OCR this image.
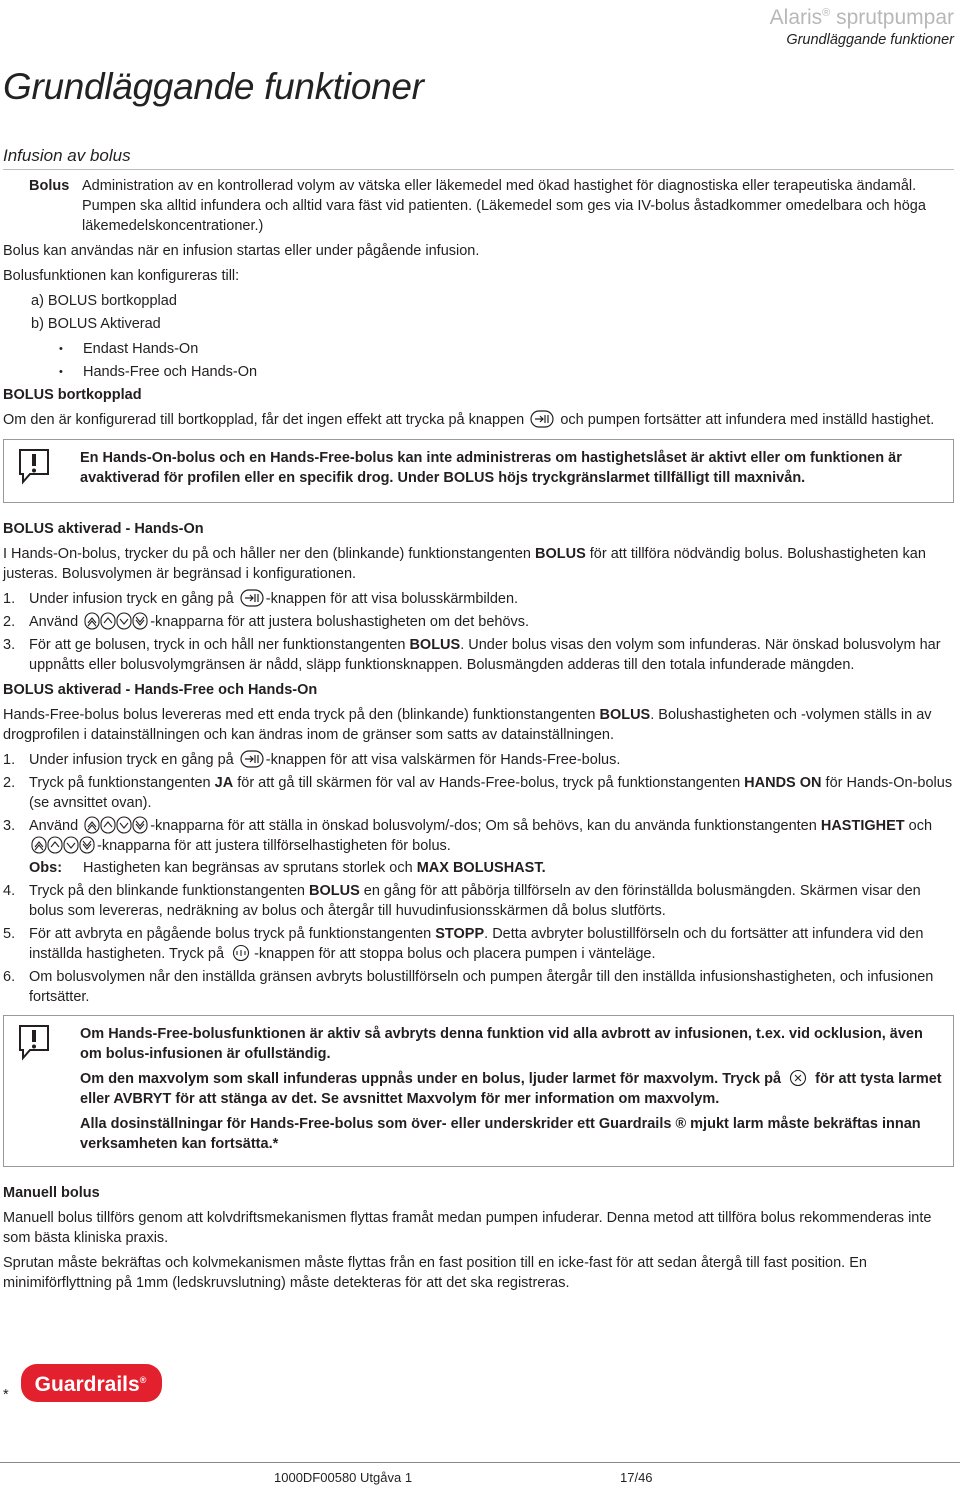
Alaris® sprutpumpar
Grundläggande funktioner
Grundläggande funktioner
Infusion av bolus
Bolus Administration av en kontrollerad volym av vätska eller läkemedel med ökad hastighet för diagnostiska eller terapeutiska ändamål. Pumpen ska alltid infundera och alltid vara fäst vid patienten. (Läkemedel som ges via IV-bolus åstadkommer omedelbara och höga läkemedelskoncentrationer.)

Bolus kan användas när en infusion startas eller under pågående infusion.

Bolusfunktionen kan konfigureras till:

a) BOLUS bortkopplad
b) BOLUS Aktiverad
• Endast Hands-On
• Hands-Free och Hands-On

BOLUS bortkopplad

Om den är konfigurerad till bortkopplad, får det ingen effekt att trycka på knappen och pumpen fortsätter att infundera med inställd hastighet.

En Hands-On-bolus och en Hands-Free-bolus kan inte administreras om hastighetslåset är aktivt eller om funktionen är avaktiverad för profilen eller en specifik drog. Under BOLUS höjs tryckgränslarmet tillfälligt till maxnivån.

BOLUS aktiverad - Hands-On

I Hands-On-bolus, trycker du på och håller ner den (blinkande) funktionstangenten BOLUS för att tillföra nödvändig bolus. Bolushastigheten kan justeras. Bolusvolymen är begränsad i konfigurationen.

1. Under infusion tryck en gång på -knappen för att visa bolusskärmbilden.
2. Använd	-knapparna för att justera bolushastigheten om det behövs.
3. För att ge bolusen, tryck in och håll ner funktionstangenten BOLUS. Under bolus visas den volym som infunderas. När önskad bolusvolym har uppnåtts eller bolusvolymgränsen är nådd, släpp funktionsknappen. Bolusmängden adderas till den totala infunderade mängden.

BOLUS aktiverad - Hands-Free och Hands-On

Hands-Free-bolus bolus levereras med ett enda tryck på den (blinkande) funktionstangenten BOLUS. Bolushastigheten och -volymen ställs in av drogprofilen i datainställningen och kan ändras inom de gränser som satts av datainställningen.

1. Under infusion tryck en gång på -knappen för att visa valskärmen för Hands-Free-bolus.
2. Tryck på funktionstangenten JA för att gå till skärmen för val av Hands-Free-bolus, tryck på funktionstangenten HANDS ON för Hands-On-bolus (se avnsittet ovan).
3. Använd	-knapparna för att ställa in önskad bolusvolym/-dos; Om så behövs, kan du använda funktionstangenten HASTIGHET och -knapparna för att justera tillförselhastigheten för bolus.
Obs:	Hastigheten kan begränsas av sprutans storlek och MAX BOLUSHAST.
4. Tryck på den blinkande funktionstangenten BOLUS en gång för att påbörja tillförseln av den förinställda bolusmängden. Skärmen visar den bolus som levereras, nedräkning av bolus och återgår till huvudinfusionsskärmen då bolus slutförts.
5. För att avbryta en pågående bolus tryck på funktionstangenten STOPP. Detta avbryter bolustillförseln och du fortsätter att infundera vid den inställda hastigheten. Tryck på -knappen för att stoppa bolus och placera pumpen i vänteläge.
6. Om bolusvolymen når den inställda gränsen avbryts bolustillförseln och pumpen återgår till den inställda infusionshastigheten, och infusionen fortsätter.

Om Hands-Free-bolusfunktionen är aktiv så avbryts denna funktion vid alla avbrott av infusionen, t.ex. vid ocklusion, även om bolus-infusionen är ofullständig.

Om den maxvolym som skall infunderas uppnås under en bolus, ljuder larmet för maxvolym. Tryck på för att tysta larmet eller AVBRYT för att stänga av det. Se avsnittet Maxvolym för mer information om maxvolym.

Alla dosinställningar för Hands-Free-bolus som över- eller underskrider ett Guardrails ® mjukt larm måste bekräftas innan verksamheten kan fortsätta.*

Manuell bolus

Manuell bolus tillförs genom att kolvdriftsmekanismen flyttas framåt medan pumpen infuderar. Denna metod att tillföra bolus rekommenderas inte som bästa kliniska praxis.

Sprutan måste bekräftas och kolvmekanismen måste flyttas från en fast position till en icke-fast för att sedan återgå till fast position. En minimiförflyttning på 1mm (ledskruvslutning) måste detekteras för att det ska registreras.

* Guardrails®
1000DF00580 Utgåva 1	17/46
